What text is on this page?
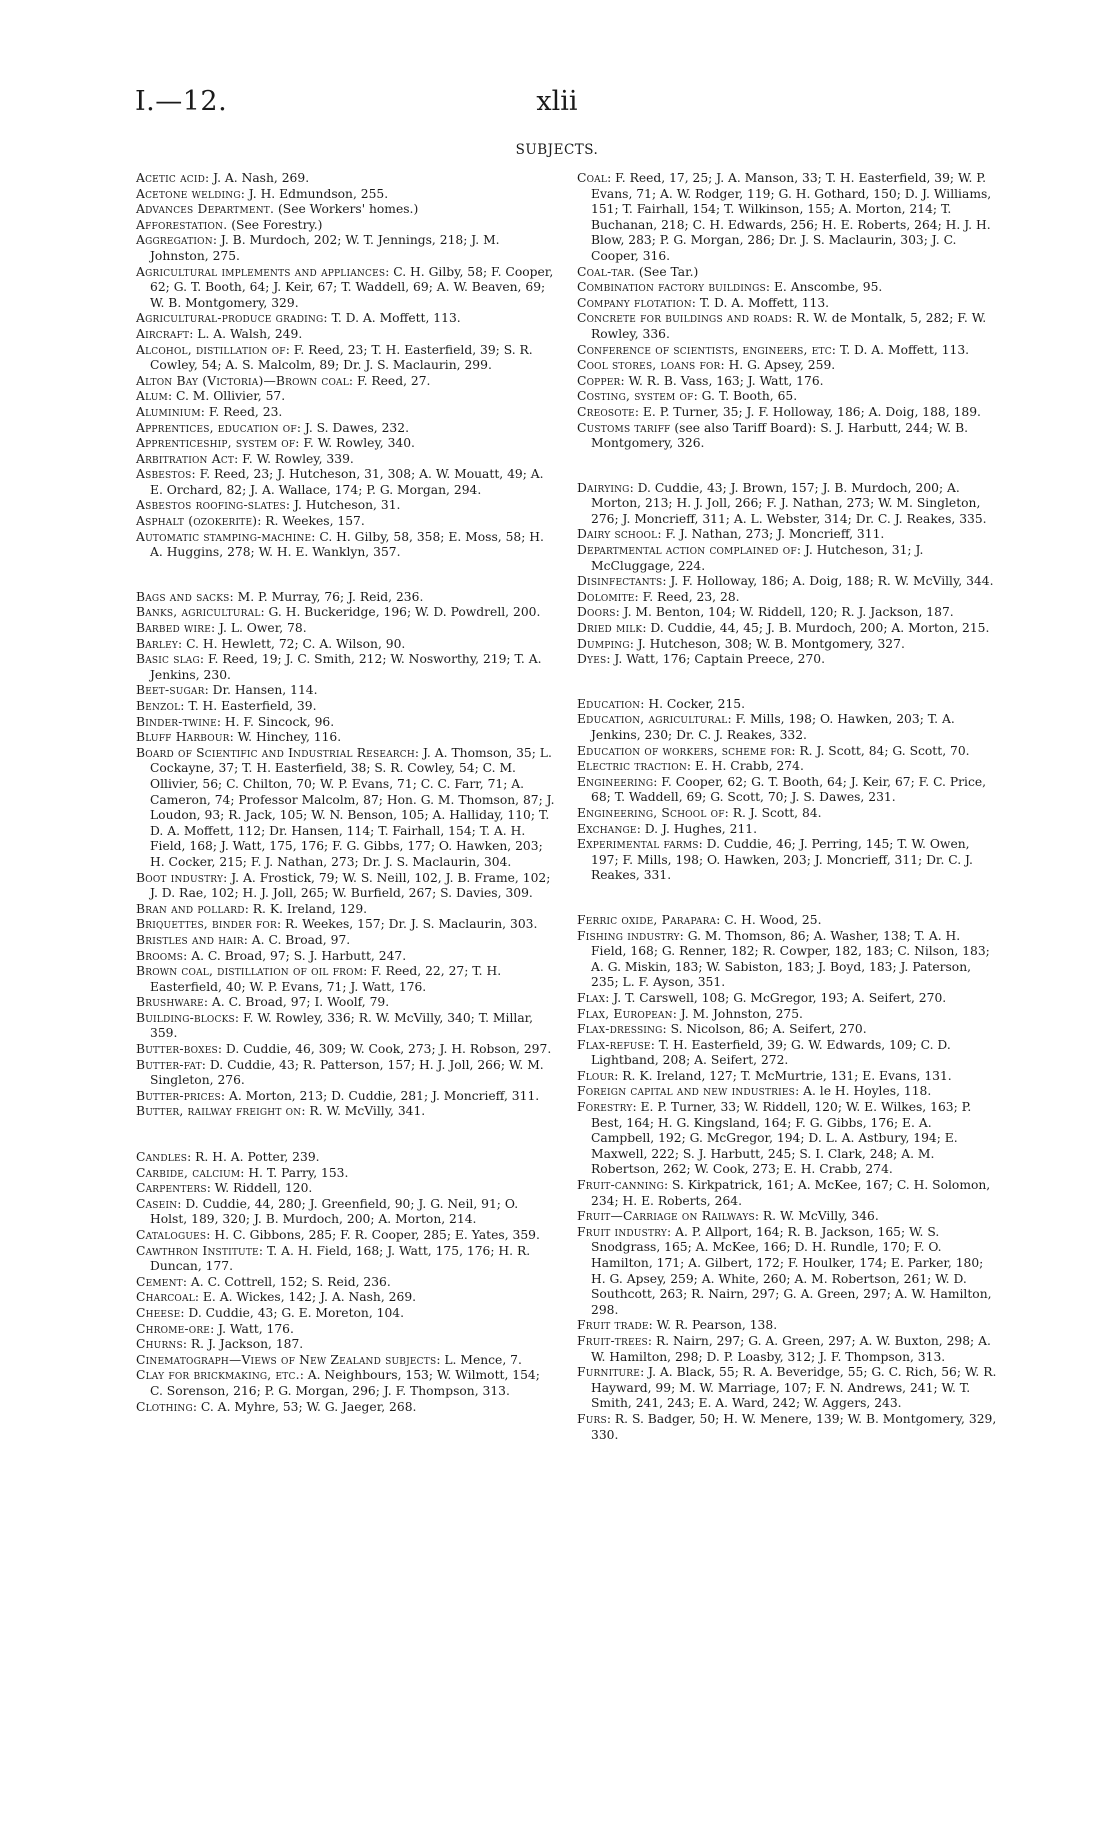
I.—12.	xlii
SUBJECTS.
Acetic acid: J. A. Nash, 269.
Acetone welding: J. H. Edmundson, 255.
Advances Department. (See Workers' homes.)
Afforestation. (See Forestry.)
Aggregation: J. B. Murdoch, 202; W. T. Jennings, 218; J. M. Johnston, 275.
Agricultural implements and appliances: C. H. Gilby, 58; F. Cooper, 62; G. T. Booth, 64; J. Keir, 67; T. Waddell, 69; A. W. Beaven, 69; W. B. Montgomery, 329.
Agricultural-produce grading: T. D. A. Moffett, 113.
Aircraft: L. A. Walsh, 249.
Alcohol, distillation of: F. Reed, 23; T. H. Easterfield, 39; S. R. Cowley, 54; A. S. Malcolm, 89; Dr. J. S. Maclaurin, 299.
Alton Bay (Victoria)—Brown coal: F. Reed, 27.
Alum: C. M. Ollivier, 57.
Aluminium: F. Reed, 23.
Apprentices, education of: J. S. Dawes, 232.
Apprenticeship, system of: F. W. Rowley, 340.
Arbitration Act: F. W. Rowley, 339.
Asbestos: F. Reed, 23; J. Hutcheson, 31, 308; A. W. Mouatt, 49; A. E. Orchard, 82; J. A. Wallace, 174; P. G. Morgan, 294.
Asbestos roofing-slates: J. Hutcheson, 31.
Asphalt (ozokerite): R. Weekes, 157.
Automatic stamping-machine: C. H. Gilby, 58, 358; E. Moss, 58; H. A. Huggins, 278; W. H. E. Wanklyn, 357.
Bags and sacks: M. P. Murray, 76; J. Reid, 236.
Banks, agricultural: G. H. Buckeridge, 196; W. D. Powdrell, 200.
Barbed wire: J. L. Ower, 78.
Barley: C. H. Hewlett, 72; C. A. Wilson, 90.
Basic slag: F. Reed, 19; J. C. Smith, 212; W. Nosworthy, 219; T. A. Jenkins, 230.
Beet-sugar: Dr. Hansen, 114.
Benzol: T. H. Easterfield, 39.
Binder-twine: H. F. Sincock, 96.
Bluff Harbour: W. Hinchey, 116.
Board of Scientific and Industrial Research: J. A. Thomson, 35; L. Cockayne, 37; T. H. Easterfield, 38; S. R. Cowley, 54; C. M. Ollivier, 56; C. Chilton, 70; W. P. Evans, 71; C. C. Farr, 71; A. Cameron, 74; Professor Malcolm, 87; Hon. G. M. Thomson, 87; J. Loudon, 93; R. Jack, 105; W. N. Benson, 105; A. Halliday, 110; T. D. A. Moffett, 112; Dr. Hansen, 114; T. Fairhall, 154; T. A. H. Field, 168; J. Watt, 175, 176; F. G. Gibbs, 177; O. Hawken, 203; H. Cocker, 215; F. J. Nathan, 273; Dr. J. S. Maclaurin, 304.
Boot industry: J. A. Frostick, 79; W. S. Neill, 102, J. B. Frame, 102; J. D. Rae, 102; H. J. Joll, 265; W. Burfield, 267; S. Davies, 309.
Bran and pollard: R. K. Ireland, 129.
Briquettes, binder for: R. Weekes, 157; Dr. J. S. Maclaurin, 303.
Bristles and hair: A. C. Broad, 97.
Brooms: A. C. Broad, 97; S. J. Harbutt, 247.
Brown coal, distillation of oil from: F. Reed, 22, 27; T. H. Easterfield, 40; W. P. Evans, 71; J. Watt, 176.
Brushware: A. C. Broad, 97; I. Woolf, 79.
Building-blocks: F. W. Rowley, 336; R. W. McVilly, 340; T. Millar, 359.
Butter-boxes: D. Cuddie, 46, 309; W. Cook, 273; J. H. Robson, 297.
Butter-fat: D. Cuddie, 43; R. Patterson, 157; H. J. Joll, 266; W. M. Singleton, 276.
Butter-prices: A. Morton, 213; D. Cuddie, 281; J. Moncrieff, 311.
Butter, railway freight on: R. W. McVilly, 341.
Candles: R. H. A. Potter, 239.
Carbide, calcium: H. T. Parry, 153.
Carpenters: W. Riddell, 120.
Casein: D. Cuddie, 44, 280; J. Greenfield, 90; J. G. Neil, 91; O. Holst, 189, 320; J. B. Murdoch, 200; A. Morton, 214.
Catalogues: H. C. Gibbons, 285; F. R. Cooper, 285; E. Yates, 359.
Cawthron Institute: T. A. H. Field, 168; J. Watt, 175, 176; H. R. Duncan, 177.
Cement: A. C. Cottrell, 152; S. Reid, 236.
Charcoal: E. A. Wickes, 142; J. A. Nash, 269.
Cheese: D. Cuddie, 43; G. E. Moreton, 104.
Chrome-ore: J. Watt, 176.
Churns: R. J. Jackson, 187.
Cinematograph—Views of New Zealand subjects: L. Mence, 7.
Clay for brickmaking, etc.: A. Neighbours, 153; W. Wilmott, 154; C. Sorenson, 216; P. G. Morgan, 296; J. F. Thompson, 313.
Clothing: C. A. Myhre, 53; W. G. Jaeger, 268.
Coal: F. Reed, 17, 25; J. A. Manson, 33; T. H. Easterfield, 39; W. P. Evans, 71; A. W. Rodger, 119; G. H. Gothard, 150; D. J. Williams, 151; T. Fairhall, 154; T. Wilkinson, 155; A. Morton, 214; T. Buchanan, 218; C. H. Edwards, 256; H. E. Roberts, 264; H. J. H. Blow, 283; P. G. Morgan, 286; Dr. J. S. Maclaurin, 303; J. C. Cooper, 316.
Coal-tar. (See Tar.)
Combination factory buildings: E. Anscombe, 95.
Company flotation: T. D. A. Moffett, 113.
Concrete for buildings and roads: R. W. de Montalk, 5, 282; F. W. Rowley, 336.
Conference of scientists, engineers, etc: T. D. A. Moffett, 113.
Cool stores, loans for: H. G. Apsey, 259.
Copper: W. R. B. Vass, 163; J. Watt, 176.
Costing, system of: G. T. Booth, 65.
Creosote: E. P. Turner, 35; J. F. Holloway, 186; A. Doig, 188, 189.
Customs tariff (see also Tariff Board): S. J. Harbutt, 244; W. B. Montgomery, 326.
Dairying: D. Cuddie, 43; J. Brown, 157; J. B. Murdoch, 200; A. Morton, 213; H. J. Joll, 266; F. J. Nathan, 273; W. M. Singleton, 276; J. Moncrieff, 311; A. L. Webster, 314; Dr. C. J. Reakes, 335.
Dairy school: F. J. Nathan, 273; J. Moncrieff, 311.
Departmental action complained of: J. Hutcheson, 31; J. McCluggage, 224.
Disinfectants: J. F. Holloway, 186; A. Doig, 188; R. W. McVilly, 344.
Dolomite: F. Reed, 23, 28.
Doors: J. M. Benton, 104; W. Riddell, 120; R. J. Jackson, 187.
Dried milk: D. Cuddie, 44, 45; J. B. Murdoch, 200; A. Morton, 215.
Dumping: J. Hutcheson, 308; W. B. Montgomery, 327.
Dyes: J. Watt, 176; Captain Preece, 270.
Education: H. Cocker, 215.
Education, agricultural: F. Mills, 198; O. Hawken, 203; T. A. Jenkins, 230; Dr. C. J. Reakes, 332.
Education of workers, scheme for: R. J. Scott, 84; G. Scott, 70.
Electric traction: E. H. Crabb, 274.
Engineering: F. Cooper, 62; G. T. Booth, 64; J. Keir, 67; F. C. Price, 68; T. Waddell, 69; G. Scott, 70; J. S. Dawes, 231.
Engineering, School of: R. J. Scott, 84.
Exchange: D. J. Hughes, 211.
Experimental farms: D. Cuddie, 46; J. Perring, 145; T. W. Owen, 197; F. Mills, 198; O. Hawken, 203; J. Moncrieff, 311; Dr. C. J. Reakes, 331.
Ferric oxide, Parapara: C. H. Wood, 25.
Fishing industry: G. M. Thomson, 86; A. Washer, 138; T. A. H. Field, 168; G. Renner, 182; R. Cowper, 182, 183; C. Nilson, 183; A. G. Miskin, 183; W. Sabiston, 183; J. Boyd, 183; J. Paterson, 235; L. F. Ayson, 351.
Flax: J. T. Carswell, 108; G. McGregor, 193; A. Seifert, 270.
Flax, European: J. M. Johnston, 275.
Flax-dressing: S. Nicolson, 86; A. Seifert, 270.
Flax-refuse: T. H. Easterfield, 39; G. W. Edwards, 109; C. D. Lightband, 208; A. Seifert, 272.
Flour: R. K. Ireland, 127; T. McMurtrie, 131; E. Evans, 131.
Foreign capital and new industries: A. le H. Hoyles, 118.
Forestry: E. P. Turner, 33; W. Riddell, 120; W. E. Wilkes, 163; P. Best, 164; H. G. Kingsland, 164; F. G. Gibbs, 176; E. A. Campbell, 192; G. McGregor, 194; D. L. A. Astbury, 194; E. Maxwell, 222; S. J. Harbutt, 245; S. I. Clark, 248; A. M. Robertson, 262; W. Cook, 273; E. H. Crabb, 274.
Fruit-canning: S. Kirkpatrick, 161; A. McKee, 167; C. H. Solomon, 234; H. E. Roberts, 264.
Fruit—Carriage on Railways: R. W. McVilly, 346.
Fruit industry: A. P. Allport, 164; R. B. Jackson, 165; W. S. Snodgrass, 165; A. McKee, 166; D. H. Rundle, 170; F. O. Hamilton, 171; A. Gilbert, 172; F. Houlker, 174; E. Parker, 180; H. G. Apsey, 259; A. White, 260; A. M. Robertson, 261; W. D. Southcott, 263; R. Nairn, 297; G. A. Green, 297; A. W. Hamilton, 298.
Fruit trade: W. R. Pearson, 138.
Fruit-trees: R. Nairn, 297; G. A. Green, 297; A. W. Buxton, 298; A. W. Hamilton, 298; D. P. Loasby, 312; J. F. Thompson, 313.
Furniture: J. A. Black, 55; R. A. Beveridge, 55; G. C. Rich, 56; W. R. Hayward, 99; M. W. Marriage, 107; F. N. Andrews, 241; W. T. Smith, 241, 243; E. A. Ward, 242; W. Aggers, 243.
Furs: R. S. Badger, 50; H. W. Menere, 139; W. B. Montgomery, 329, 330.
